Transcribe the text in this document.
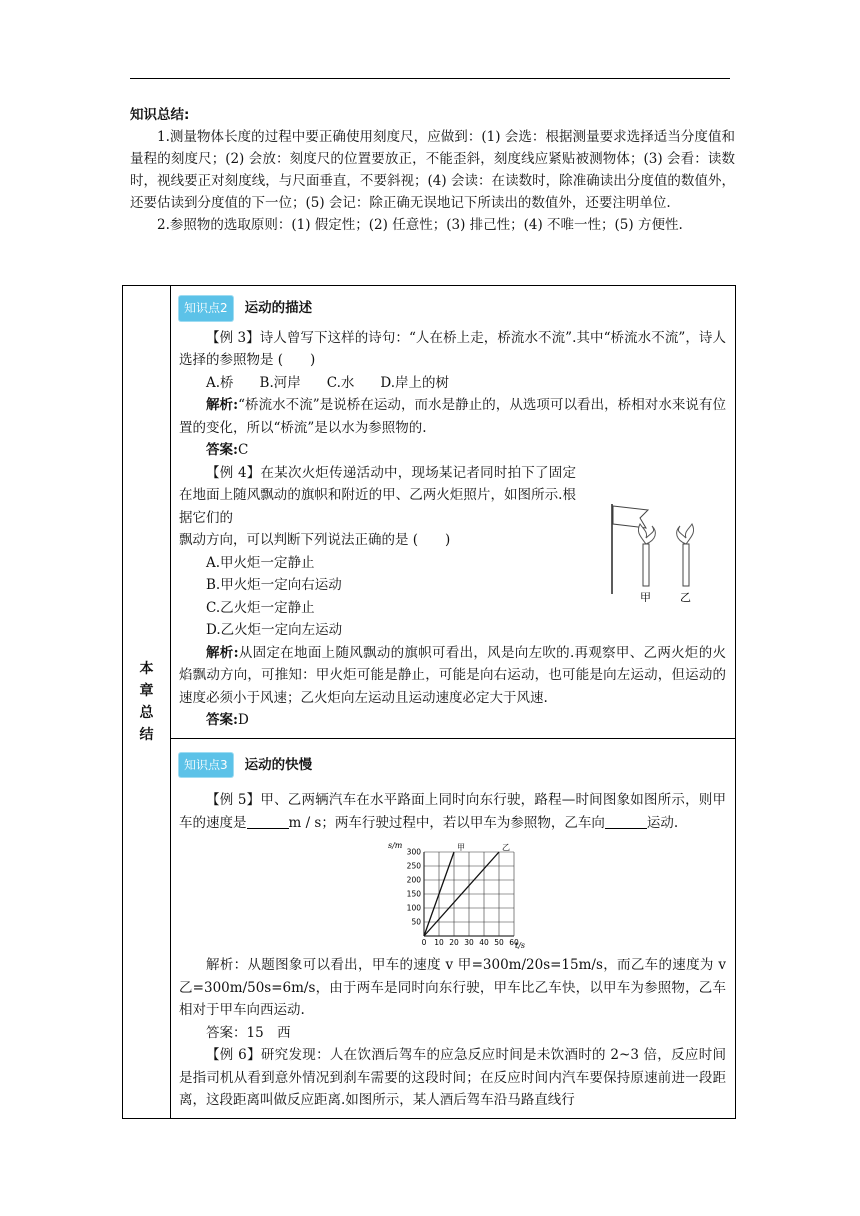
知识总结:

1.测量物体长度的过程中要正确使用刻度尺，应做到：(1) 会选：根据测量要求选择适当分度值和量程的刻度尺；(2) 会放：刻度尺的位置要放正，不能歪斜，刻度线应紧贴被测物体；(3) 会看：读数时，视线要正对刻度线，与尺面垂直，不要斜视；(4) 会读：在读数时，除准确读出分度值的数值外，还要估读到分度值的下一位；(5) 会记：除正确无误地记下所读出的数值外，还要注明单位.

2.参照物的选取原则：(1) 假定性；(2) 任意性；(3) 排己性；(4) 不唯一性；(5) 方便性.

本
章
总
结

知识点2	运动的描述

【例 3】诗人曾写下这样的诗句：“人在桥上走，桥流水不流”.其中“桥流水不流”，诗人选择的参照物是 (　　)

A.桥 B.河岸 C.水 D.岸上的树

解析:“桥流水不流”是说桥在运动，而水是静止的，从选项可以看出，桥相对水来说有位置的变化，所以“桥流”是以水为参照物的.

答案:C

【例 4】在某次火炬传递活动中，现场某记者同时拍下了固定在地面上随风飘动的旗帜和附近的甲、乙两火炬照片，如图所示.根据它们的

飘动方向，可以判断下列说法正确的是 (　　)

A.甲火炬一定静止

B.甲火炬一定向右运动

C.乙火炬一定静止

D.乙火炬一定向左运动

甲	乙

解析:从固定在地面上随风飘动的旗帜可看出，风是向左吹的.再观察甲、乙两火炬的火焰飘动方向，可推知：甲火炬可能是静止，可能是向右运动，也可能是向左运动，但运动的速度必须小于风速；乙火炬向左运动且运动速度必定大于风速.

答案:D

知识点3	运动的快慢

【例 5】甲、乙两辆汽车在水平路面上同时向东行驶，路程—时间图象如图所示，则甲车的速度是	m / s；两车行驶过程中，若以甲车为参照物，乙车向	运动.

0 10 20 30 40 50 60
50
100
150
200
250
300	甲	乙
s/m
t/s

解析：从题图象可以看出，甲车的速度 v 甲=300m/20s=15m/s，而乙车的速度为 v 乙=300m/50s=6m/s，由于两车是同时向东行驶，甲车比乙车快，以甲车为参照物，乙车相对于甲车向西运动.

答案：15　西

【例 6】研究发现：人在饮酒后驾车的应急反应时间是未饮酒时的 2~3 倍，反应时间是指司机从看到意外情况到刹车需要的这段时间；在反应时间内汽车要保持原速前进一段距离，这段距离叫做反应距离.如图所示，某人酒后驾车沿马路直线行
